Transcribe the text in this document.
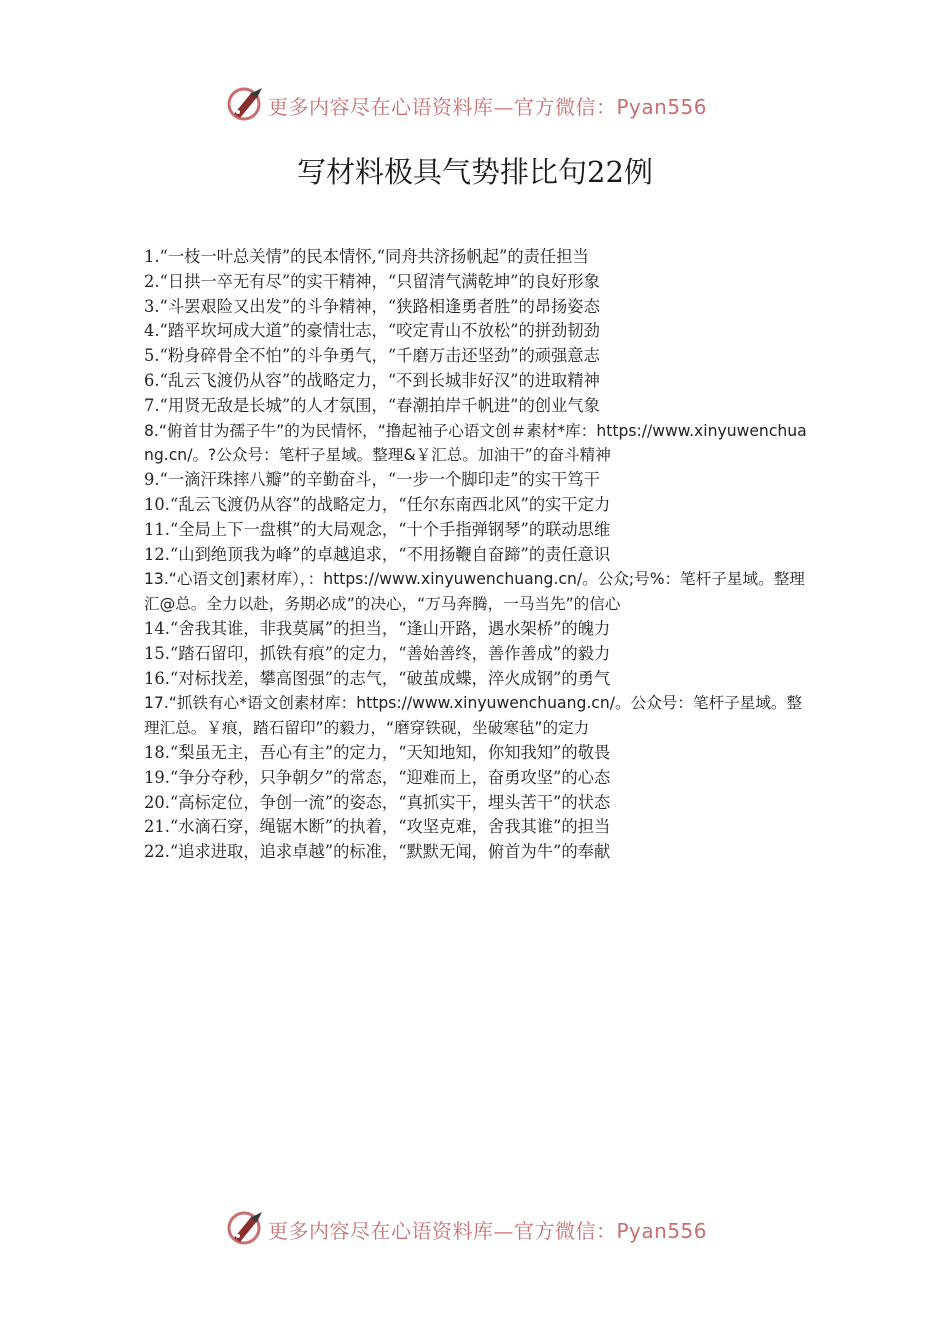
更多内容尽在心语资料库—官方微信：Pyan556
写材料极具气势排比句22例
1.“一枝一叶总关情”的民本情怀,“同舟共济扬帆起”的责任担当
2.“日拱一卒无有尽”的实干精神，“只留清气满乾坤”的良好形象
3.“斗罢艰险又出发”的斗争精神，“狭路相逢勇者胜”的昂扬姿态
4.“踏平坎坷成大道”的豪情壮志，“咬定青山不放松”的拼劲韧劲
5.“粉身碎骨全不怕”的斗争勇气，“千磨万击还坚劲”的顽强意志
6.“乱云飞渡仍从容”的战略定力，“不到长城非好汉”的进取精神
7.“用贤无敌是长城”的人才氛围，“春潮拍岸千帆进”的创业气象
8.“俯首甘为孺子牛”的为民情怀，“撸起袖子心语文创＃素材*库：https://www.xinyuwenchuang.cn/。?公众号：笔杆子星域。整理&￥汇总。加油干”的奋斗精神
9.“一滴汗珠摔八瓣”的辛勤奋斗，“一步一个脚印走”的实干笃干
10.“乱云飞渡仍从容”的战略定力，“任尔东南西北风”的实干定力
11.“全局上下一盘棋”的大局观念，“十个手指弹钢琴”的联动思维
12.“山到绝顶我为峰”的卓越追求，“不用扬鞭自奋蹄”的责任意识
13.“心语文创]素材库），：https://www.xinyuwenchuang.cn/。公众;号%：笔杆子星域。整理汇@总。全力以赴，务期必成”的决心，“万马奔腾，一马当先”的信心
14.“舍我其谁，非我莫属”的担当，“逢山开路，遇水架桥”的魄力
15.“踏石留印，抓铁有痕”的定力，“善始善终，善作善成”的毅力
16.“对标找差，攀高图强”的志气，“破茧成蝶，淬火成钢”的勇气
17.“抓铁有心*语文创素材库：https://www.xinyuwenchuang.cn/。公众号：笔杆子星域。整理汇总。￥痕，踏石留印”的毅力，“磨穿铁砚，坐破寒毡”的定力
18.“梨虽无主，吾心有主”的定力，“天知地知，你知我知”的敬畏
19.“争分夺秒，只争朝夕”的常态，“迎难而上，奋勇攻坚”的心态
20.“高标定位，争创一流”的姿态，“真抓实干，埋头苦干”的状态
21.“水滴石穿，绳锯木断”的执着，“攻坚克难，舍我其谁”的担当
22.“追求进取，追求卓越”的标准，“默默无闻，俯首为牛”的奉献
更多内容尽在心语资料库—官方微信：Pyan556
